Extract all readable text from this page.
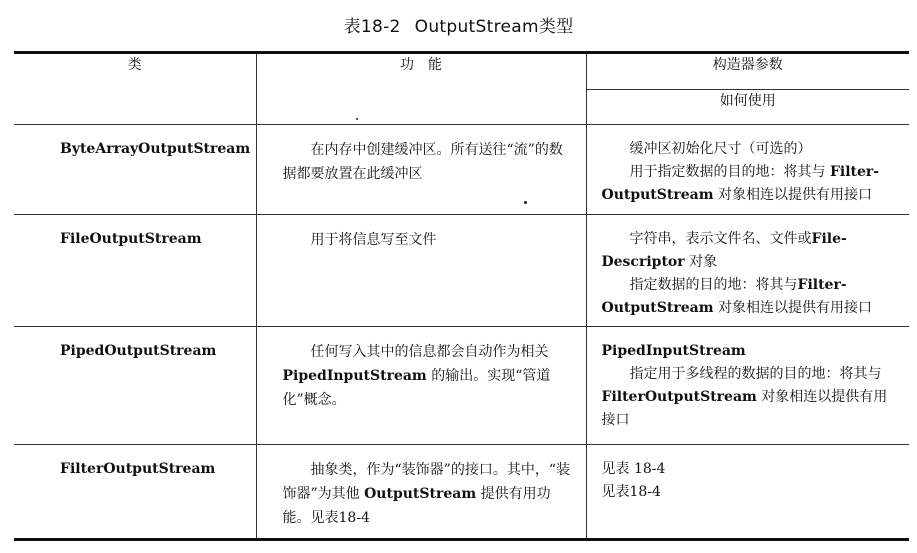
表18-2 OutputStream类型
类	功　能	构造器参数
		如何使用

ByteArrayOutputStream	在内存中创建缓冲区。所有送往“流”的数据都要放置在此缓冲区	缓冲区初始化尺寸（可选的）
用于指定数据的目的地：将其与 Filter-OutputStream 对象相连以提供有用接口

FileOutputStream	用于将信息写至文件	字符串，表示文件名、文件或File-Descriptor 对象
指定数据的目的地：将其与Filter-OutputStream 对象相连以提供有用接口

PipedOutputStream	任何写入其中的信息都会自动作为相关PipedInputStream 的输出。实现“管道化”概念。	PipedInputStream
指定用于多线程的数据的目的地：将其与FilterOutputStream 对象相连以提供有用接口

FilterOutputStream	抽象类，作为“装饰器”的接口。其中，“装饰器”为其他 OutputStream 提供有用功能。见表18-4	见表 18-4
见表18-4
